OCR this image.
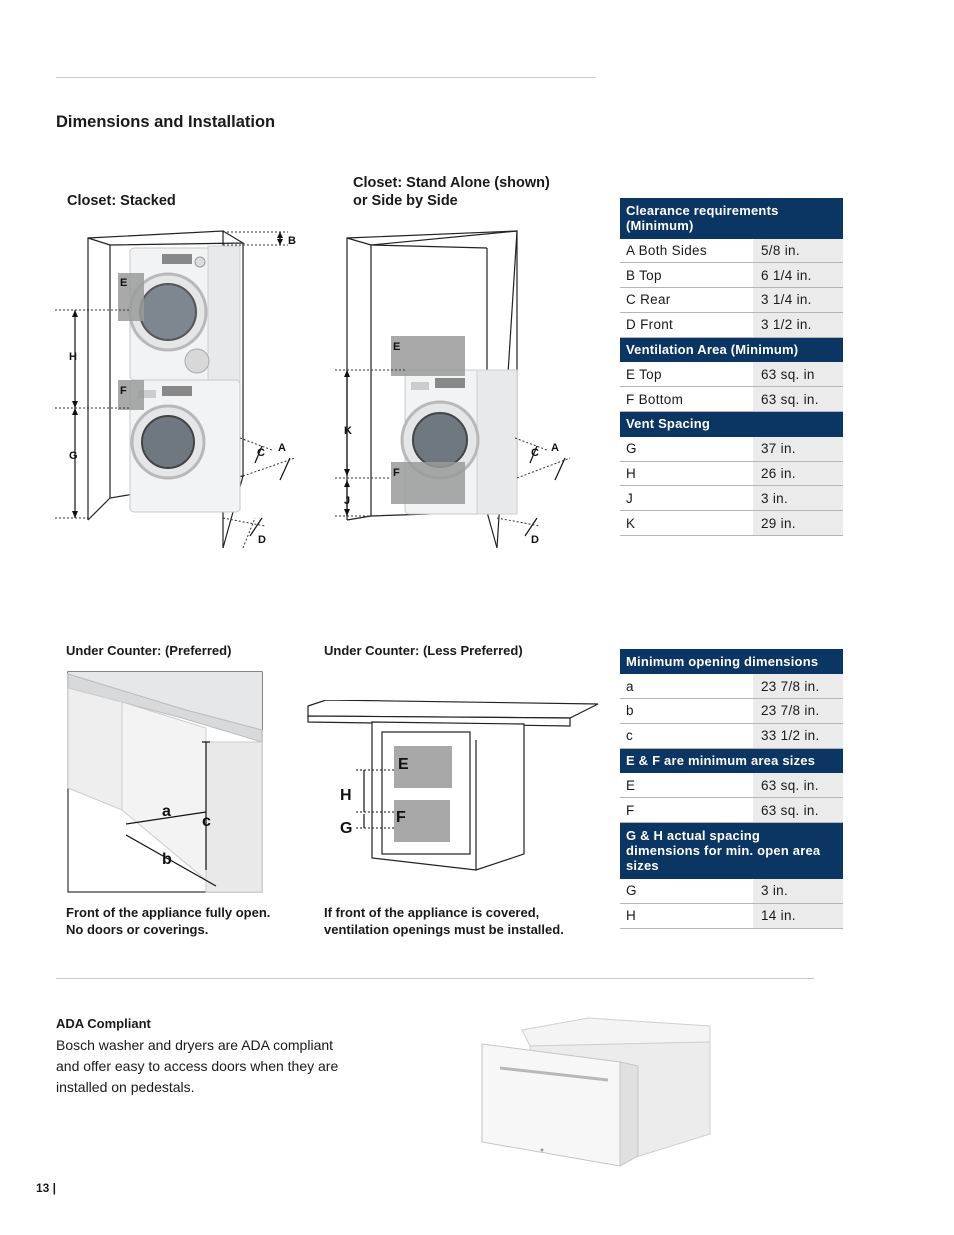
Dimensions and Installation
Closet: Stacked
Closet: Stand Alone (shown)
or Side by Side
B
E
F
H
G	C A
D
E
F
K
J
C A
D
Clearance requirements (Minimum)	
A Both Sides	5/8 in.
B Top	6 1/4 in.
C Rear	3 1/4 in.
D Front	3 1/2 in.
Ventilation Area (Minimum)	
E Top	63 sq. in
F Bottom	63 sq. in.
Vent Spacing	
G	37 in.
H	26 in.
J	3 in.
K	29 in.
Under Counter: (Preferred)	Under Counter: (Less Preferred)
a
b
c
E
F
H
G
Front of the appliance fully open.
No doors or coverings.
If front of the appliance is covered,
ventilation openings must be installed.
Minimum opening dimensions	
a	23 7/8 in.
b	23 7/8 in.
c	33 1/2 in.
E & F are minimum area sizes	
E	63 sq. in.
F	63 sq. in.
G & H actual spacing dimensions for min. open area sizes	
G	3 in.
H	14 in.
ADA Compliant
Bosch washer and dryers are ADA compliant
and offer easy to access doors when they are
installed on pedestals.
13 |
